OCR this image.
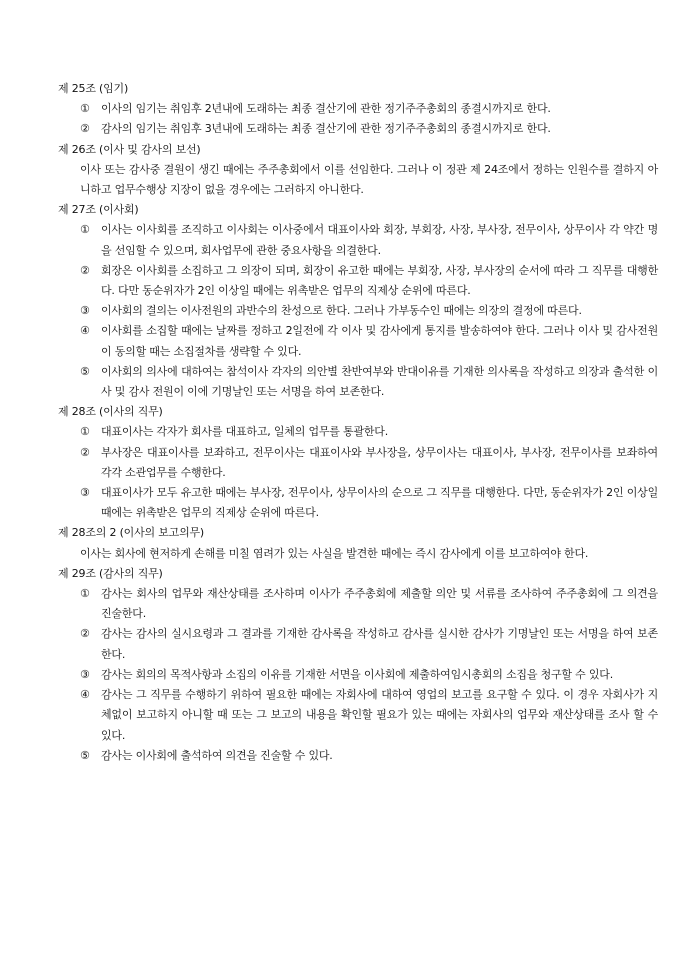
제 25조 (임기)
①	이사의 임기는 취임후 2년내에 도래하는 최종 결산기에 관한 정기주주총회의 종결시까지로 한다.
②	감사의 임기는 취임후 3년내에 도래하는 최종 결산기에 관한 정기주주총회의 종결시까지로 한다.
제 26조 (이사 및 감사의 보선)
이사 또는 감사중 결원이 생긴 때에는 주주총회에서 이를 선임한다. 그러나 이 정관 제 24조에서 정하는 인원수를 결하지 아니하고 업무수행상 지장이 없을 경우에는 그러하지 아니한다.
제 27조 (이사회)
①	이사는 이사회를 조직하고 이사회는 이사중에서 대표이사와 회장, 부회장, 사장, 부사장, 전무이사, 상무이사 각 약간 명을 선임할 수 있으며, 회사업무에 관한 중요사항을 의결한다.
②	회장은 이사회를 소집하고 그 의장이 되며, 회장이 유고한 때에는 부회장, 사장, 부사장의 순서에 따라 그 직무를 대행한다. 다만 동순위자가 2인 이상일 때에는 위촉받은 업무의 직제상 순위에 따른다.
③	이사회의 결의는 이사전원의 과반수의 찬성으로 한다. 그러나 가부동수인 때에는 의장의 결정에 따른다.
④	이사회를 소집할 때에는 날짜를 정하고 2일전에 각 이사 및 감사에게 통지를 발송하여야 한다. 그러나 이사 및 감사전원이 동의할 때는 소집절차를 생략할 수 있다.
⑤	이사회의 의사에 대하여는 참석이사 각자의 의안별 찬반여부와 반대이유를 기재한 의사록을 작성하고 의장과 출석한 이사 및 감사 전원이 이에 기명날인 또는 서명을 하여 보존한다.
제 28조 (이사의 직무)
①	대표이사는 각자가 회사를 대표하고, 일체의 업무를 통괄한다.
②	부사장은 대표이사를 보좌하고, 전무이사는 대표이사와 부사장을, 상무이사는 대표이사, 부사장, 전무이사를 보좌하여 각각 소관업무를 수행한다.
③	대표이사가 모두 유고한 때에는 부사장, 전무이사, 상무이사의 순으로 그 직무를 대행한다. 다만, 동순위자가 2인 이상일 때에는 위촉받은 업무의 직제상 순위에 따른다.
제 28조의 2 (이사의 보고의무)
이사는 회사에 현저하게 손해를 미칠 염려가 있는 사실을 발견한 때에는 즉시 감사에게 이를 보고하여야 한다.
제 29조 (감사의 직무)
①	감사는 회사의 업무와 재산상태를 조사하며 이사가 주주총회에 제출할 의안 및 서류를 조사하여 주주총회에 그 의견을 진술한다.
②	감사는 감사의 실시요령과 그 결과를 기재한 감사록을 작성하고 감사를 실시한 감사가 기명날인 또는 서명을 하여 보존한다.
③	감사는 회의의 목적사항과 소집의 이유를 기재한 서면을 이사회에 제출하여임시총회의 소집을 청구할 수 있다.
④	감사는 그 직무를 수행하기 위하여 필요한 때에는 자회사에 대하여 영업의 보고를 요구할 수 있다. 이 경우 자회사가 지체없이 보고하지 아니할 때 또는 그 보고의 내용을 확인할 필요가 있는 때에는 자회사의 업무와 재산상태를 조사 할 수 있다.
⑤	감사는 이사회에 출석하여 의견을 진술할 수 있다.
